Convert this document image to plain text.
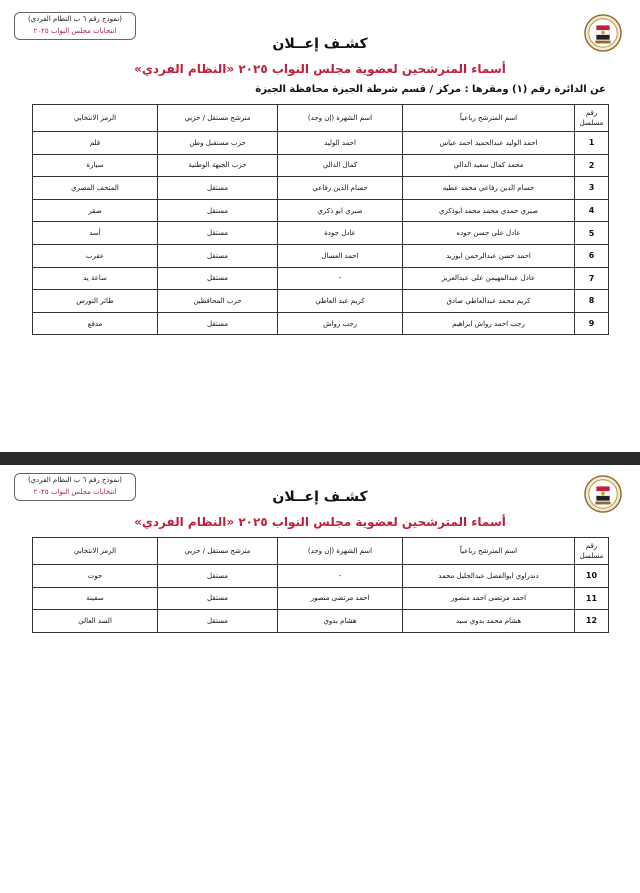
(نموذج رقم ٦ ب النظام الفردي)
انتخابات مجلس النواب ٢٠٢٥
كشـف إعــلان
أسماء المترشحين لعضوية مجلس النواب ٢٠٢٥ «النظام الفردي»
عن الدائرة رقم (١) ومقرها : مركز / قسم شرطة الجيزة محافظة الجيزة
رقم مسلسل	اسم المترشح رباعياً	اسم الشهرة (إن وجد)	مترشح مستقل / حزبي	الرمز الانتخابي
1	احمد الوليد عبدالحميد احمد عياس	احمد الوليد	حزب مستقبل وطن	قلم
2	محمد كمال سعيد الدالي	كمال الدالي	حزب الجبهة الوطنية	سيارة
3	حسام الدين رفاعي محمد عطيه	حسام الدين رفاعي	مستقل	المتحف المصري
4	صبري حمدي محمد محمد ابوذكري	صبري ابو ذكري	مستقل	صقر
5	عادل على حسن جوده	عادل جودة	مستقل	أسد
6	احمد حسن عبدالرحمن ابوزيد	احمد العسال	مستقل	عقرب
7	عادل عبدالمهيمن على عبدالعزيز	-	مستقل	ساعة يد
8	كريم محمد عبدالعاطي صادق	كريم عبد العاطي	حزب المحافظين	طائر النورس
9	رجب احمد رواش ابراهيم	رجب رواش	مستقل	مدفع
(نموذج رقم ٦ ب النظام الفردي)
انتخابات مجلس النواب ٢٠٢٥	كشـف إعــلان
أسماء المترشحين لعضوية مجلس النواب ٢٠٢٥ «النظام الفردي»
رقم مسلسل	اسم المترشح رباعياً	اسم الشهرة (إن وجد)	مترشح مستقل / حزبي	الرمز الانتخابي
10	دندراوي ابوالفضل عبدالجليل محمد	-	مستقل	حوت
11	احمد مرتضى احمد منصور	احمد مرتضى منصور	مستقل	سفينة
12	هشام محمد بدوي سيد	هشام بدوي	مستقل	السد العالي
